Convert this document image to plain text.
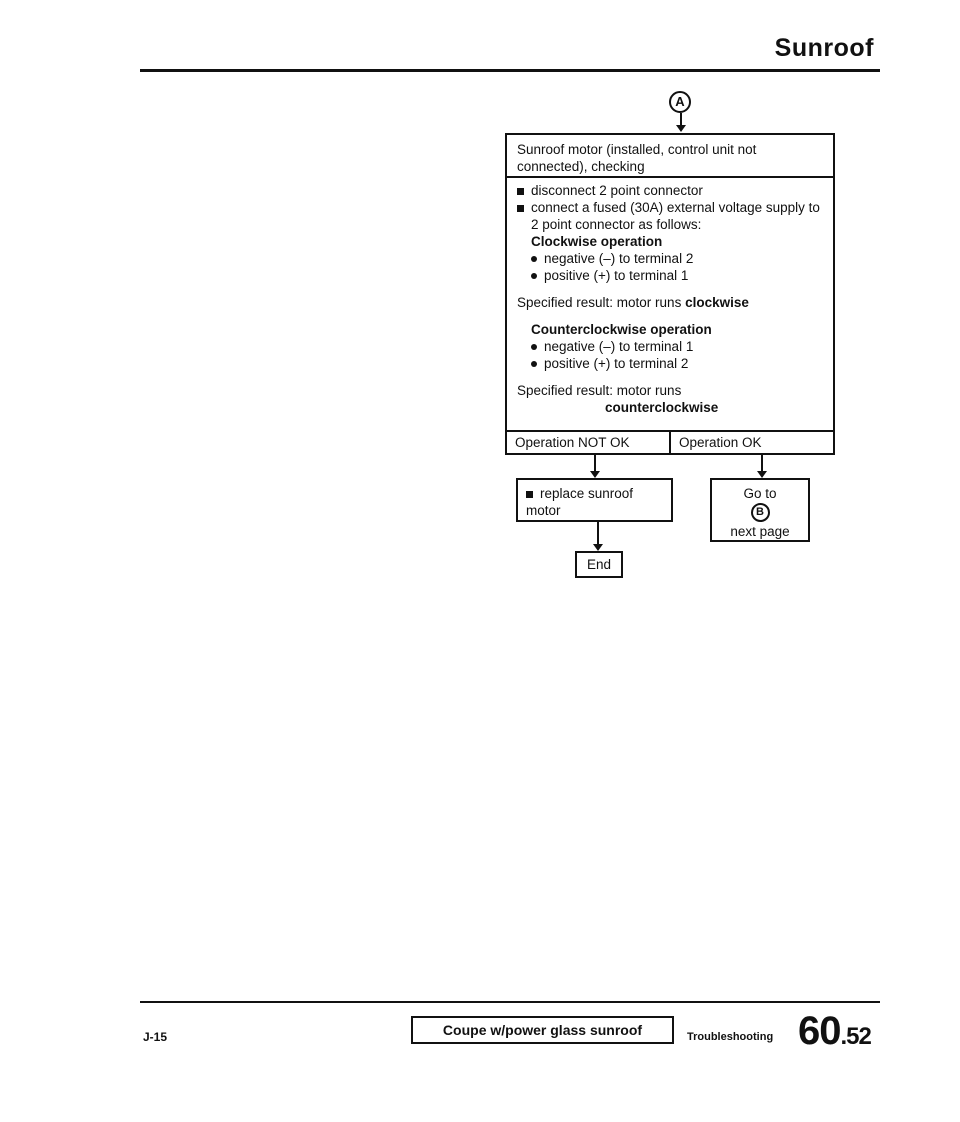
Sunroof
A
Sunroof motor (installed, control unit not connected), checking

disconnect 2 point connector

connect a fused (30A) external voltage supply to 2 point connector as follows:

Clockwise operation

negative (–) to terminal 2

positive (+) to terminal 1

Specified result: motor runs clockwise

Counterclockwise operation

negative (–) to terminal 1

positive (+) to terminal 2

Specified result: motor runs

counterclockwise

Operation NOT OK	Operation OK
replace sunroof motor
End
Go to
B
next page
J-15	Coupe w/power glass sunroof	Troubleshooting 60.52
